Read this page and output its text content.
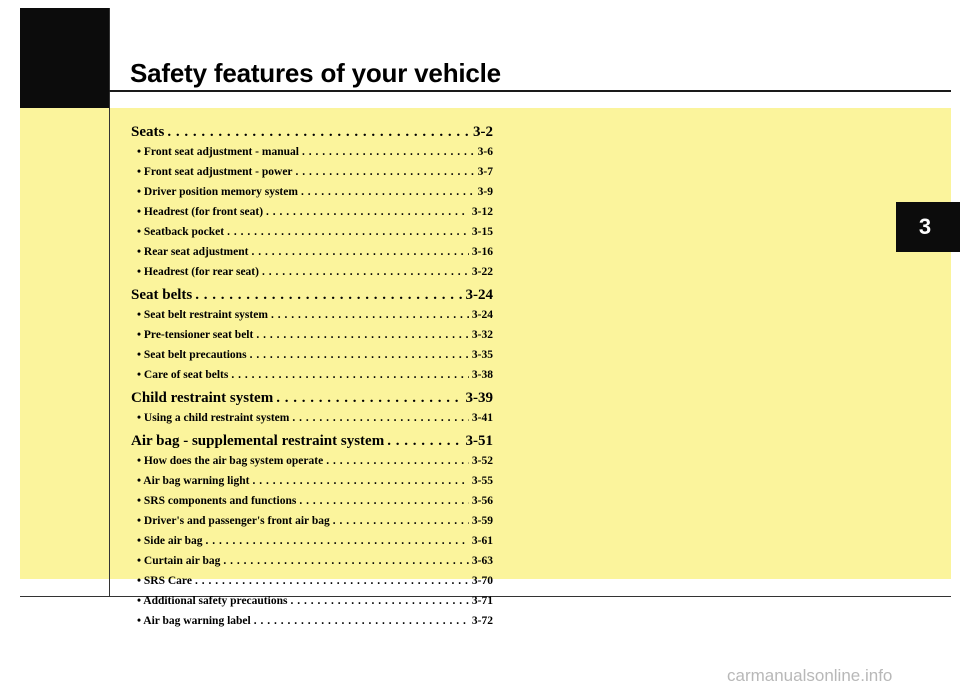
Safety features of your vehicle
3
Seats . . .	3-2
• Front seat adjustment - manual . . .	3-6
• Front seat adjustment - power . . .	3-7
• Driver position memory system . . .	3-9
• Headrest (for front seat) . . .	3-12
• Seatback pocket . . .	3-15
• Rear seat adjustment . . .	3-16
• Headrest (for rear seat) . . .	3-22
Seat belts . . .	3-24
• Seat belt restraint system . . .	3-24
• Pre-tensioner seat belt . . .	3-32
• Seat belt precautions . . .	3-35
• Care of seat belts . . .	3-38
Child restraint system . . .	3-39
• Using a child restraint system . . .	3-41
Air bag - supplemental restraint system . . .	3-51
• How does the air bag system operate . . .	3-52
• Air bag warning light . . .	3-55
• SRS components and functions . . .	3-56
• Driver's and passenger's front air bag . . .	3-59
• Side air bag . . .	3-61
• Curtain air bag . . .	3-63
• SRS Care . . .	3-70
• Additional safety precautions . . .	3-71
• Air bag warning label . . .	3-72
carmanualsonline.info
